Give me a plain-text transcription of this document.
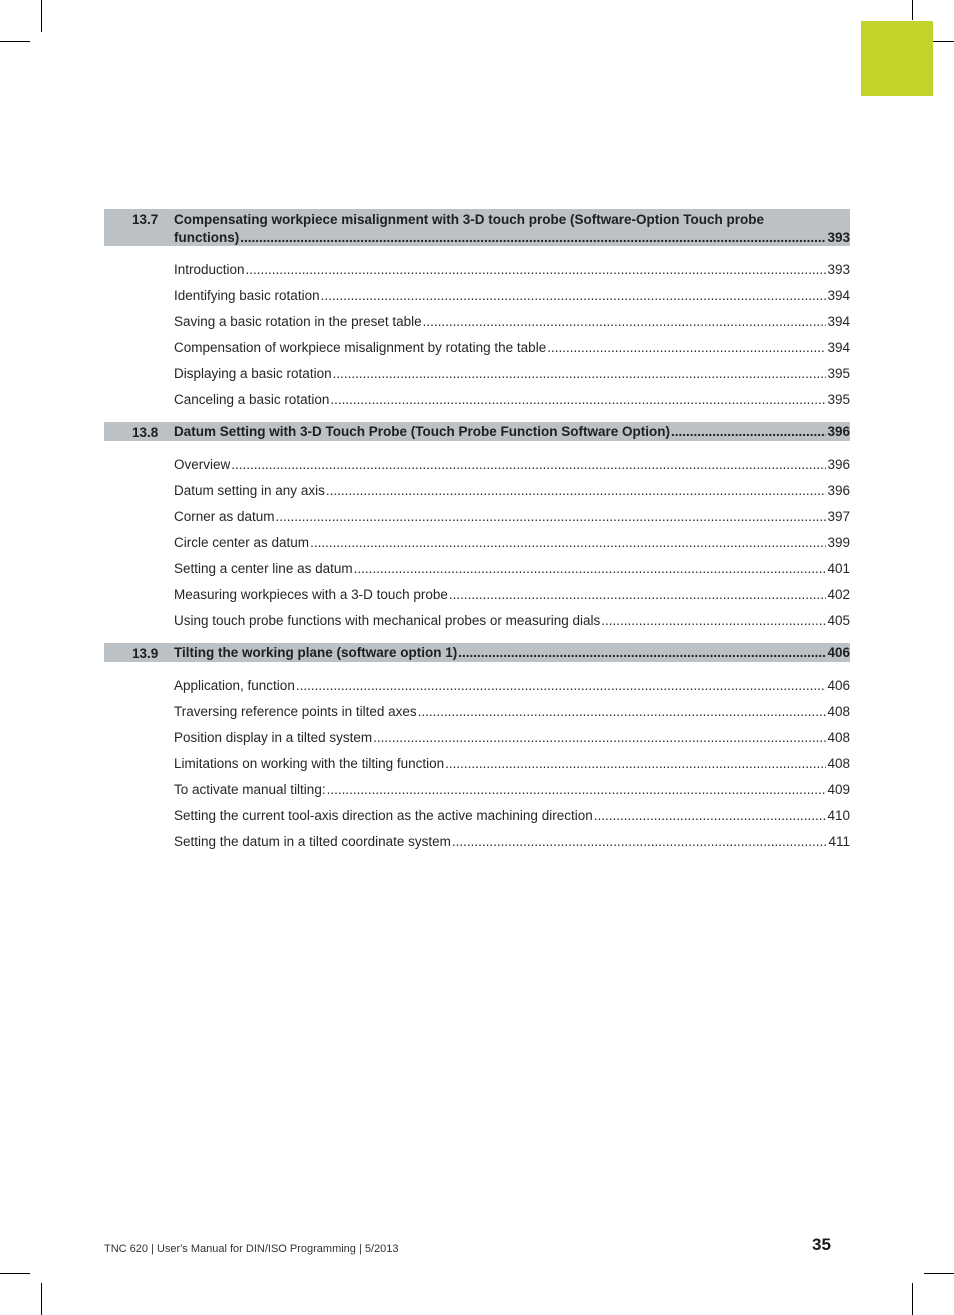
13.7	Compensating workpiece misalignment with 3-D touch probe (Software-Option Touch probe
functions) .....	393
Introduction .....	393
Identifying basic rotation .....	394
Saving a basic rotation in the preset table .....	394
Compensation of workpiece misalignment by rotating the table .....	394
Displaying a basic rotation .....	395
Canceling a basic rotation .....	395
13.8 Datum Setting with 3-D Touch Probe (Touch Probe Function Software Option) .....	396
Overview .....	396
Datum setting in any axis .....	396
Corner as datum .....	397
Circle center as datum .....	399
Setting a center line as datum .....	401
Measuring workpieces with a 3-D touch probe .....	402
Using touch probe functions with mechanical probes or measuring dials .....	405
13.9 Tilting the working plane (software option 1) .....	406
Application, function .....	406
Traversing reference points in tilted axes .....	408
Position display in a tilted system .....	408
Limitations on working with the tilting function .....	408
To activate manual tilting: .....	409
Setting the current tool-axis direction as the active machining direction .....	410
Setting the datum in a tilted coordinate system .....	411
TNC 620 | User's Manual for DIN/ISO Programming | 5/2013	35
